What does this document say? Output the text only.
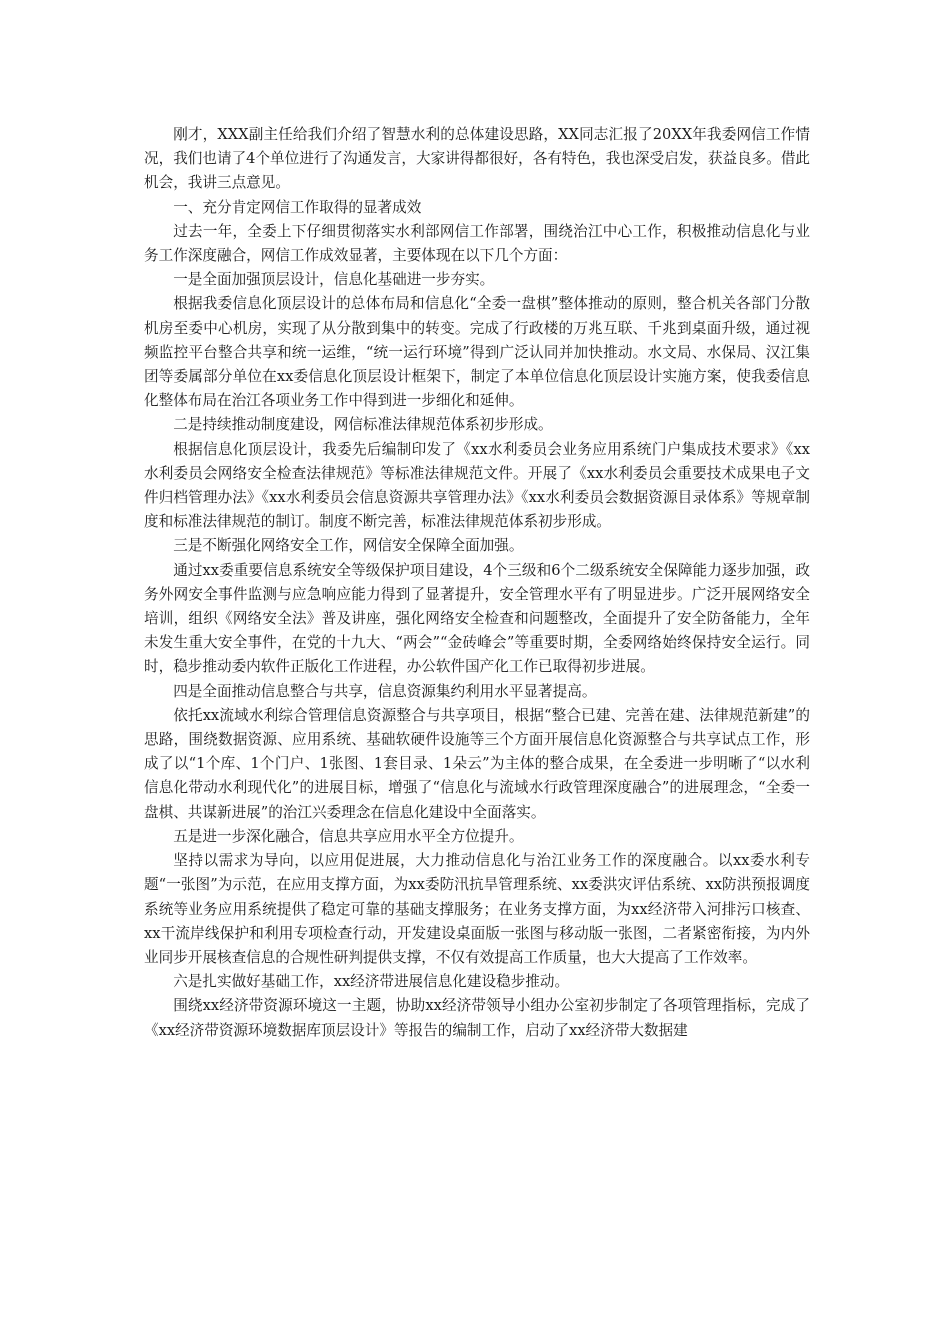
刚才，XXX副主任给我们介绍了智慧水利的总体建设思路，XX同志汇报了20XX年我委网信工作情况，我们也请了4个单位进行了沟通发言，大家讲得都很好，各有特色，我也深受启发，获益良多。借此机会，我讲三点意见。

一、充分肯定网信工作取得的显著成效

过去一年，全委上下仔细贯彻落实水利部网信工作部署，围绕治江中心工作，积极推动信息化与业务工作深度融合，网信工作成效显著，主要体现在以下几个方面：

一是全面加强顶层设计，信息化基础进一步夯实。

根据我委信息化顶层设计的总体布局和信息化“全委一盘棋”整体推动的原则，整合机关各部门分散机房至委中心机房，实现了从分散到集中的转变。完成了行政楼的万兆互联、千兆到桌面升级，通过视频监控平台整合共享和统一运维，“统一运行环境”得到广泛认同并加快推动。水文局、水保局、汉江集团等委属部分单位在xx委信息化顶层设计框架下，制定了本单位信息化顶层设计实施方案，使我委信息化整体布局在治江各项业务工作中得到进一步细化和延伸。

二是持续推动制度建设，网信标准法律规范体系初步形成。

根据信息化顶层设计，我委先后编制印发了《xx水利委员会业务应用系统门户集成技术要求》《xx水利委员会网络安全检查法律规范》等标准法律规范文件。开展了《xx水利委员会重要技术成果电子文件归档管理办法》《xx水利委员会信息资源共享管理办法》《xx水利委员会数据资源目录体系》等规章制度和标准法律规范的制订。制度不断完善，标准法律规范体系初步形成。

三是不断强化网络安全工作，网信安全保障全面加强。

通过xx委重要信息系统安全等级保护项目建设，4个三级和6个二级系统安全保障能力逐步加强，政务外网安全事件监测与应急响应能力得到了显著提升，安全管理水平有了明显进步。广泛开展网络安全培训，组织《网络安全法》普及讲座，强化网络安全检查和问题整改，全面提升了安全防备能力，全年未发生重大安全事件，在党的十九大、“两会”“金砖峰会”等重要时期，全委网络始终保持安全运行。同时，稳步推动委内软件正版化工作进程，办公软件国产化工作已取得初步进展。

四是全面推动信息整合与共享，信息资源集约利用水平显著提高。

依托xx流域水利综合管理信息资源整合与共享项目，根据“整合已建、完善在建、法律规范新建”的思路，围绕数据资源、应用系统、基础软硬件设施等三个方面开展信息化资源整合与共享试点工作，形成了以“1个库、1个门户、1张图、1套目录、1朵云”为主体的整合成果，在全委进一步明晰了“以水利信息化带动水利现代化”的进展目标，增强了“信息化与流域水行政管理深度融合”的进展理念，“全委一盘棋、共谋新进展”的治江兴委理念在信息化建设中全面落实。

五是进一步深化融合，信息共享应用水平全方位提升。

坚持以需求为导向，以应用促进展，大力推动信息化与治江业务工作的深度融合。以xx委水利专题“一张图”为示范，在应用支撑方面，为xx委防汛抗旱管理系统、xx委洪灾评估系统、xx防洪预报调度系统等业务应用系统提供了稳定可靠的基础支撑服务；在业务支撑方面，为xx经济带入河排污口核查、xx干流岸线保护和利用专项检查行动，开发建设桌面版一张图与移动版一张图，二者紧密衔接，为内外业同步开展核查信息的合规性研判提供支撑，不仅有效提高工作质量，也大大提高了工作效率。

六是扎实做好基础工作，xx经济带进展信息化建设稳步推动。

围绕xx经济带资源环境这一主题，协助xx经济带领导小组办公室初步制定了各项管理指标，完成了《xx经济带资源环境数据库顶层设计》等报告的编制工作，启动了xx经济带大数据建
